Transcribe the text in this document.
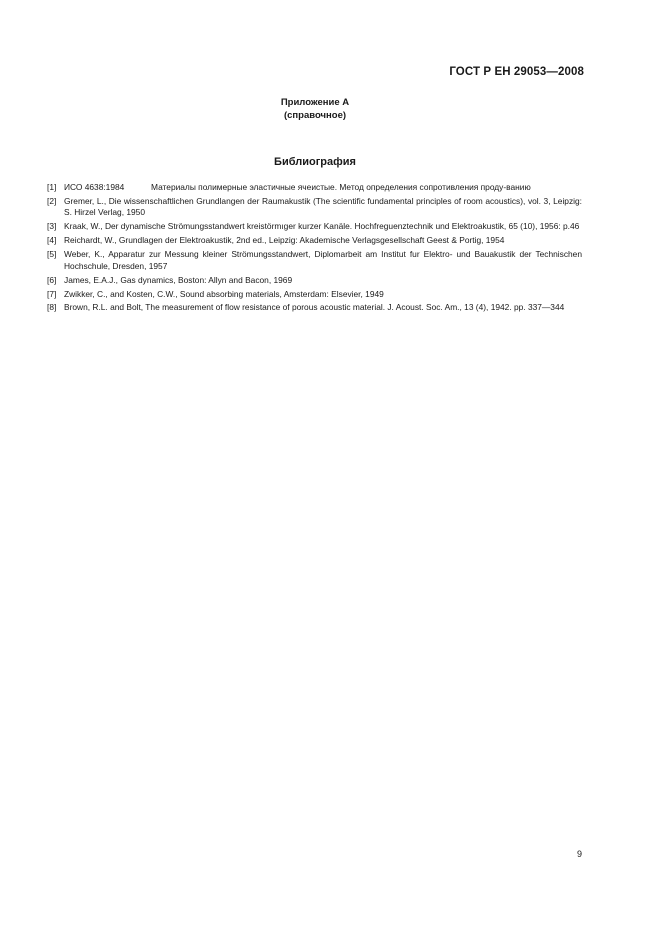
ГОСТ Р ЕН 29053—2008
Приложение А
(справочное)
Библиография
[1] ИСО 4638:1984	Материалы полимерные эластичные ячеистые. Метод определения сопротивления проду-ванию
[2] Gremer, L., Die wissenschaftlichen Grundlangen der Raumakustik (The scientific fundamental principles of room acoustics), vol. 3, Leipzig: S. Hirzel Verlag, 1950
[3] Kraak, W., Der dynamische Strömungsstandwert kreistörmıger kurzer Kanäle. Hochfreguenztechnik und Elektroakustik, 65 (10), 1956: p.46
[4] Reichardt, W., Grundlagen der Elektroakustik, 2nd ed., Leipzig: Akademische Verlagsgesellschaft Geest & Portig, 1954
[5] Weber, K., Apparatur zur Messung kleiner Strömungsstandwert, Diplomarbeit am Institut fur Elektro- und Bauakustik der Technischen Hochschule, Dresden, 1957
[6] James, E.A.J., Gas dynamics, Boston: Allyn and Bacon, 1969
[7] Zwikker, C., and Kosten, C.W., Sound absorbing materials, Amsterdam: Elsevier, 1949
[8] Brown, R.L. and Bolt, The measurement of flow resistance of porous acoustic material. J. Acoust. Soc. Am., 13 (4), 1942. pp. 337—344
9
